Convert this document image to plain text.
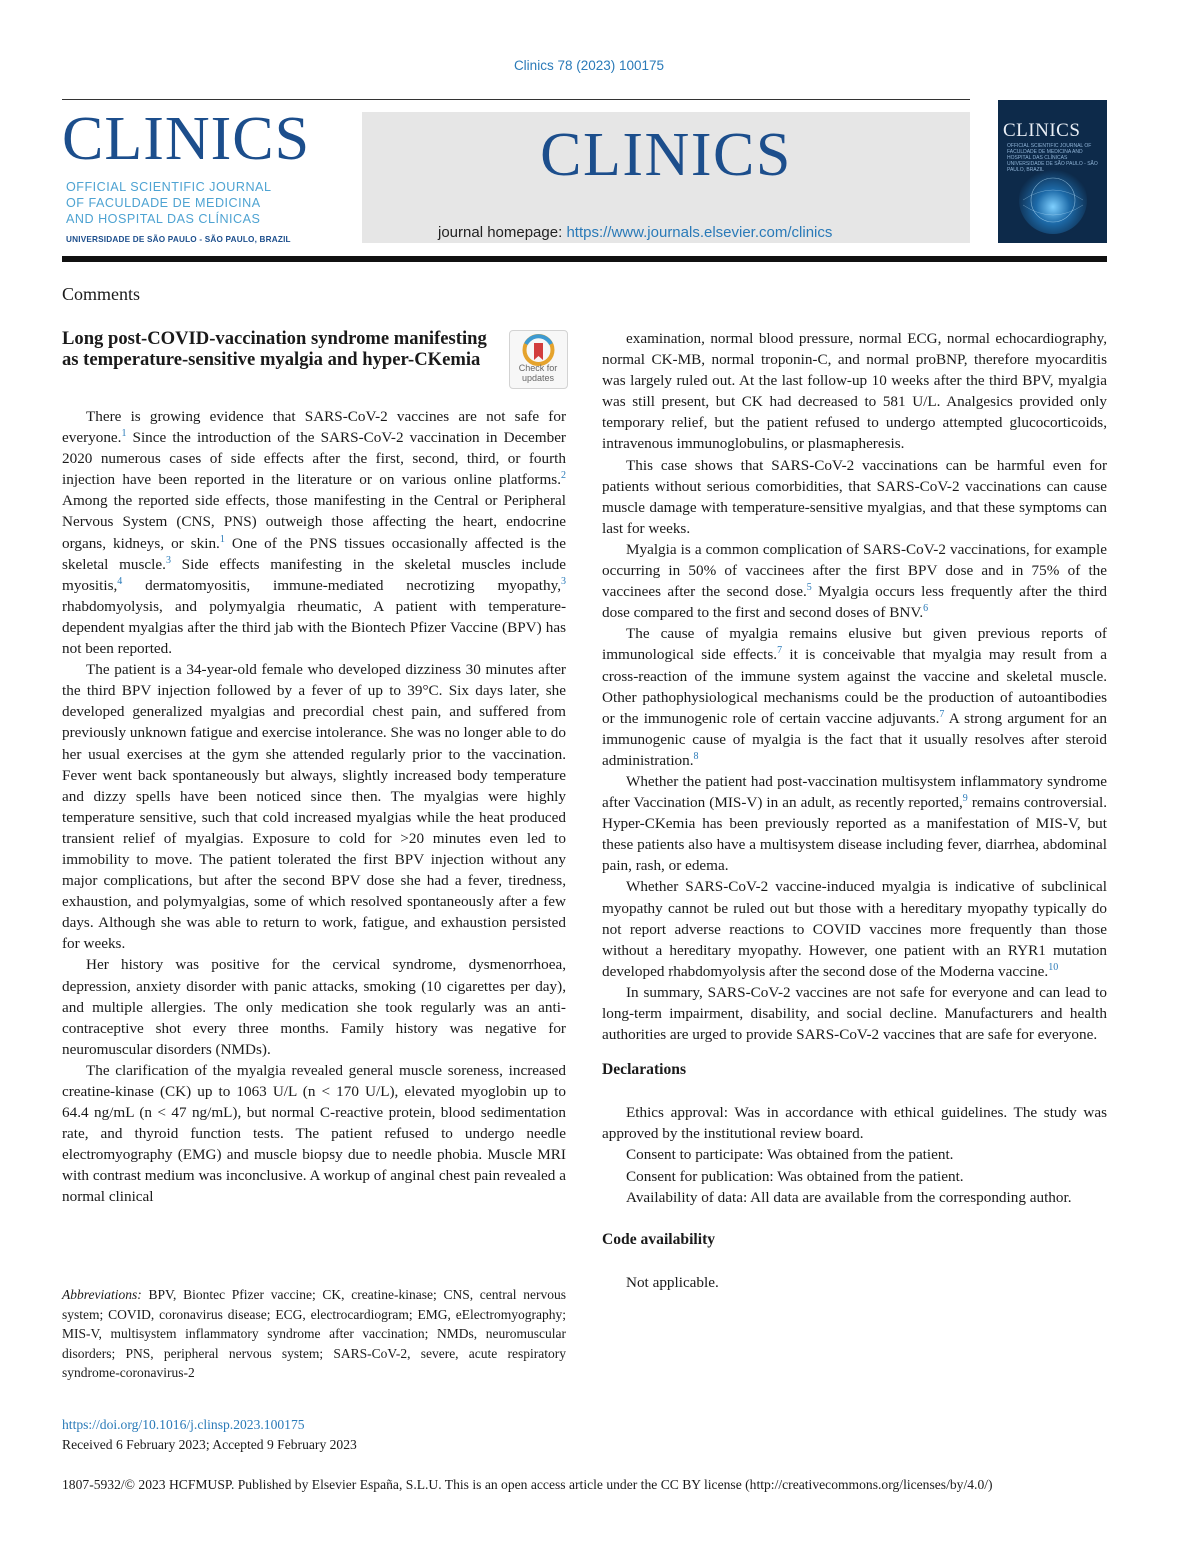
Clinics 78 (2023) 100175
CLINICS
OFFICIAL SCIENTIFIC JOURNAL
OF FACULDADE DE MEDICINA
AND HOSPITAL DAS CLÍNICAS
UNIVERSIDADE DE SÃO PAULO - SÃO PAULO, BRAZIL
CLINICS
journal homepage: https://www.journals.elsevier.com/clinics
CLINICS
OFFICIAL SCIENTIFIC JOURNAL OF FACULDADE DE MEDICINA AND HOSPITAL DAS CLÍNICAS
UNIVERSIDADE DE SÃO PAULO - SÃO PAULO, BRAZIL
Comments
Long post-COVID-vaccination syndrome manifesting as temperature-sensitive myalgia and hyper-CKemia	Check for
updates

There is growing evidence that SARS-CoV-2 vaccines are not safe for everyone.$^1$ Since the introduction of the SARS-CoV-2 vaccination in December 2020 numerous cases of side effects after the first, second, third, or fourth injection have been reported in the literature or on various online platforms.$^2$ Among the reported side effects, those manifesting in the Central or Peripheral Nervous System (CNS, PNS) outweigh those affecting the heart, endocrine organs, kidneys, or skin.$^1$ One of the PNS tissues occasionally affected is the skeletal muscle.$^3$ Side effects manifesting in the skeletal muscles include myositis,$^4$ dermatomyositis, immune-mediated necrotizing myopathy,$^3$ rhabdomyolysis, and polymyalgia rheumatic, A patient with temperature-dependent myalgias after the third jab with the Biontech Pfizer Vaccine (BPV) has not been reported.

The patient is a 34-year-old female who developed dizziness 30 minutes after the third BPV injection followed by a fever of up to 39°C. Six days later, she developed generalized myalgias and precordial chest pain, and suffered from previously unknown fatigue and exercise intolerance. She was no longer able to do her usual exercises at the gym she attended regularly prior to the vaccination. Fever went back spontaneously but always, slightly increased body temperature and dizzy spells have been noticed since then. The myalgias were highly temperature sensitive, such that cold increased myalgias while the heat produced transient relief of myalgias. Exposure to cold for >20 minutes even led to immobility to move. The patient tolerated the first BPV injection without any major complications, but after the second BPV dose she had a fever, tiredness, exhaustion, and polymyalgias, some of which resolved spontaneously after a few days. Although she was able to return to work, fatigue, and exhaustion persisted for weeks.

Her history was positive for the cervical syndrome, dysmenorrhoea, depression, anxiety disorder with panic attacks, smoking (10 cigarettes per day), and multiple allergies. The only medication she took regularly was an anti-contraceptive shot every three months. Family history was negative for neuromuscular disorders (NMDs).

The clarification of the myalgia revealed general muscle soreness, increased creatine-kinase (CK) up to 1063 U/L (n < 170 U/L), elevated myoglobin up to 64.4 ng/mL (n < 47 ng/mL), but normal C-reactive protein, blood sedimentation rate, and thyroid function tests. The patient refused to undergo needle electromyography (EMG) and muscle biopsy due to needle phobia. Muscle MRI with contrast medium was inconclusive. A workup of anginal chest pain revealed a normal clinical

examination, normal blood pressure, normal ECG, normal echocardiography, normal CK-MB, normal troponin-C, and normal proBNP, therefore myocarditis was largely ruled out. At the last follow-up 10 weeks after the third BPV, myalgia was still present, but CK had decreased to 581 U/L. Analgesics provided only temporary relief, but the patient refused to undergo attempted glucocorticoids, intravenous immunoglobulins, or plasmapheresis.

This case shows that SARS-CoV-2 vaccinations can be harmful even for patients without serious comorbidities, that SARS-CoV-2 vaccinations can cause muscle damage with temperature-sensitive myalgias, and that these symptoms can last for weeks.

Myalgia is a common complication of SARS-CoV-2 vaccinations, for example occurring in 50% of vaccinees after the first BPV dose and in 75% of the vaccinees after the second dose.$^5$ Myalgia occurs less frequently after the third dose compared to the first and second doses of BNV.$^6$

The cause of myalgia remains elusive but given previous reports of immunological side effects.$^7$ it is conceivable that myalgia may result from a cross-reaction of the immune system against the vaccine and skeletal muscle. Other pathophysiological mechanisms could be the production of autoantibodies or the immunogenic role of certain vaccine adjuvants.$^7$ A strong argument for an immunogenic cause of myalgia is the fact that it usually resolves after steroid administration.$^8$

Whether the patient had post-vaccination multisystem inflammatory syndrome after Vaccination (MIS-V) in an adult, as recently reported,$^9$ remains controversial. Hyper-CKemia has been previously reported as a manifestation of MIS-V, but these patients also have a multisystem disease including fever, diarrhea, abdominal pain, rash, or edema.

Whether SARS-CoV-2 vaccine-induced myalgia is indicative of subclinical myopathy cannot be ruled out but those with a hereditary myopathy typically do not report adverse reactions to COVID vaccines more frequently than those without a hereditary myopathy. However, one patient with an RYR1 mutation developed rhabdomyolysis after the second dose of the Moderna vaccine.$^{10}$

In summary, SARS-CoV-2 vaccines are not safe for everyone and can lead to long-term impairment, disability, and social decline. Manufacturers and health authorities are urged to provide SARS-CoV-2 vaccines that are safe for everyone.

Declarations

Ethics approval: Was in accordance with ethical guidelines. The study was approved by the institutional review board.

Consent to participate: Was obtained from the patient.

Consent for publication: Was obtained from the patient.

Availability of data: All data are available from the corresponding author.

Code availability

Not applicable.

Abbreviations: BPV, Biontec Pfizer vaccine; CK, creatine-kinase; CNS, central nervous system; COVID, coronavirus disease; ECG, electrocardiogram; EMG, eElectromyography; MIS-V, multisystem inflammatory syndrome after vaccination; NMDs, neuromuscular disorders; PNS, peripheral nervous system; SARS-CoV-2, severe, acute respiratory syndrome-coronavirus-2
https://doi.org/10.1016/j.clinsp.2023.100175
Received 6 February 2023; Accepted 9 February 2023
1807-5932/© 2023 HCFMUSP. Published by Elsevier España, S.L.U. This is an open access article under the CC BY license (http://creativecommons.org/licenses/by/4.0/)
